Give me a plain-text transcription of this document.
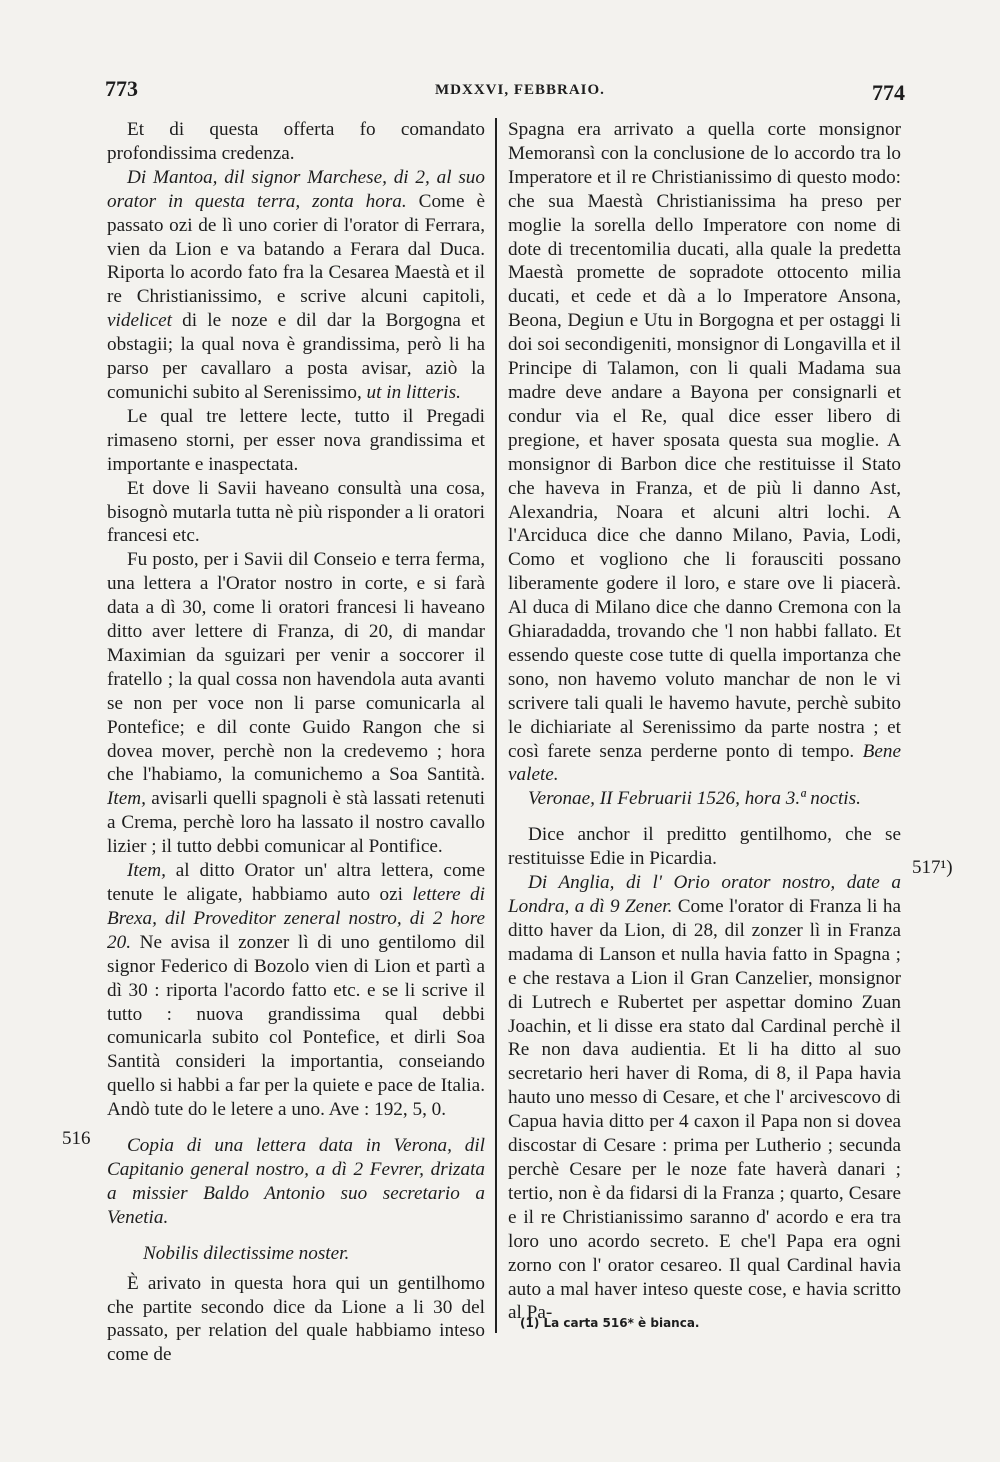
773	MDXXVI, FEBBRAIO.	774

Et di questa offerta fo comandato profondissima credenza.

Di Mantoa, dil signor Marchese, di 2, al suo orator in questa terra, zonta hora. Come è passato ozi de lì uno corier di l'orator di Ferrara, vien da Lion e va batando a Ferara dal Duca. Riporta lo acordo fato fra la Cesarea Maestà et il re Christianissimo, e scrive alcuni capitoli, videlicet di le noze e dil dar la Borgogna et obstagii; la qual nova è grandissima, però li ha parso per cavallaro a posta avisar, aziò la comunichi subito al Serenissimo, ut in litteris.

Le qual tre lettere lecte, tutto il Pregadi rimaseno storni, per esser nova grandissima et importante e inaspectata.

Et dove li Savii haveano consultà una cosa, bisognò mutarla tutta nè più risponder a li oratori francesi etc.

Fu posto, per i Savii dil Conseio e terra ferma, una lettera a l'Orator nostro in corte, e si farà data a dì 30, come li oratori francesi li haveano ditto aver lettere di Franza, di 20, di mandar Maximian da sguizari per venir a soccorer il fratello ; la qual cossa non havendola auta avanti se non per voce non li parse comunicarla al Pontefice; e dil conte Guido Rangon che si dovea mover, perchè non la credevemo ; hora che l'habiamo, la comunichemo a Soa Santità. Item, avisarli quelli spagnoli è stà lassati retenuti a Crema, perchè loro ha lassato il nostro cavallo lizier ; il tutto debbi comunicar al Pontifice.

Item, al ditto Orator un' altra lettera, come tenute le aligate, habbiamo auto ozi lettere di Brexa, dil Proveditor zeneral nostro, di 2 hore 20. Ne avisa il zonzer lì di uno gentilomo dil signor Federico di Bozolo vien di Lion et partì a dì 30 : riporta l'acordo fatto etc. e se li scrive il tutto : nuova grandissima qual debbi comunicarla subito col Pontefice, et dirli Soa Santità consideri la importantia, conseiando quello si habbi a far per la quiete e pace de Italia. Andò tute do le letere a uno. Ave : 192, 5, 0.

Copia di una lettera data in Verona, dil Capitanio general nostro, a dì 2 Fevrer, drizata a missier Baldo Antonio suo secretario a Venetia.

Nobilis dilectissime noster.

È arivato in questa hora qui un gentilhomo che partite secondo dice da Lione a li 30 del passato, per relation del quale habbiamo inteso come de

516

Spagna era arrivato a quella corte monsignor Memoransì con la conclusione de lo accordo tra lo Imperatore et il re Christianissimo di questo modo: che sua Maestà Christianissima ha preso per moglie la sorella dello Imperatore con nome di dote di trecentomilia ducati, alla quale la predetta Maestà promette de sopradote ottocento milia ducati, et cede et dà a lo Imperatore Ansona, Beona, Degiun e Utu in Borgogna et per ostaggi li doi soi secondigeniti, monsignor di Longavilla et il Principe di Talamon, con li quali Madama sua madre deve andare a Bayona per consignarli et condur via el Re, qual dice esser libero di pregione, et haver sposata questa sua moglie. A monsignor di Barbon dice che restituisse il Stato che haveva in Franza, et de più li danno Ast, Alexandria, Noara et alcuni altri lochi. A l'Arciduca dice che danno Milano, Pavia, Lodi, Como et vogliono che li forausciti possano liberamente godere il loro, e stare ove li piacerà. Al duca di Milano dice che danno Cremona con la Ghiaradadda, trovando che 'l non habbi fallato. Et essendo queste cose tutte di quella importanza che sono, non havemo voluto manchar de non le vi scrivere tali quali le havemo havute, perchè subito le dichiariate al Serenissimo da parte nostra ; et così farete senza perderne ponto di tempo. Bene valete.

Veronae, II Februarii 1526, hora 3.ª noctis.

Dice anchor il preditto gentilhomo, che se restituisse Edie in Picardia.

Di Anglia, di l' Orio orator nostro, date a Londra, a dì 9 Zener. Come l'orator di Franza li ha ditto haver da Lion, di 28, dil zonzer lì in Franza madama di Lanson et nulla havia fatto in Spagna ; e che restava a Lion il Gran Canzelier, monsignor di Lutrech e Rubertet per aspettar domino Zuan Joachin, et li disse era stato dal Cardinal perchè il Re non dava audientia. Et li ha ditto al suo secretario heri haver di Roma, di 8, il Papa havia hauto uno messo di Cesare, et che l' arcivescovo di Capua havia ditto per 4 caxon il Papa non si dovea discostar di Cesare : prima per Lutherio ; secunda perchè Cesare per le noze fate haverà danari ; tertio, non è da fidarsi di la Franza ; quarto, Cesare e il re Christianissimo saranno d' acordo e era tra loro uno acordo secreto. E che'l Papa era ogni zorno con l' orator cesareo. Il qual Cardinal havia auto a mal haver inteso queste cose, e havia scritto al Pa-

517¹)
(1) La carta 516* è bianca.
